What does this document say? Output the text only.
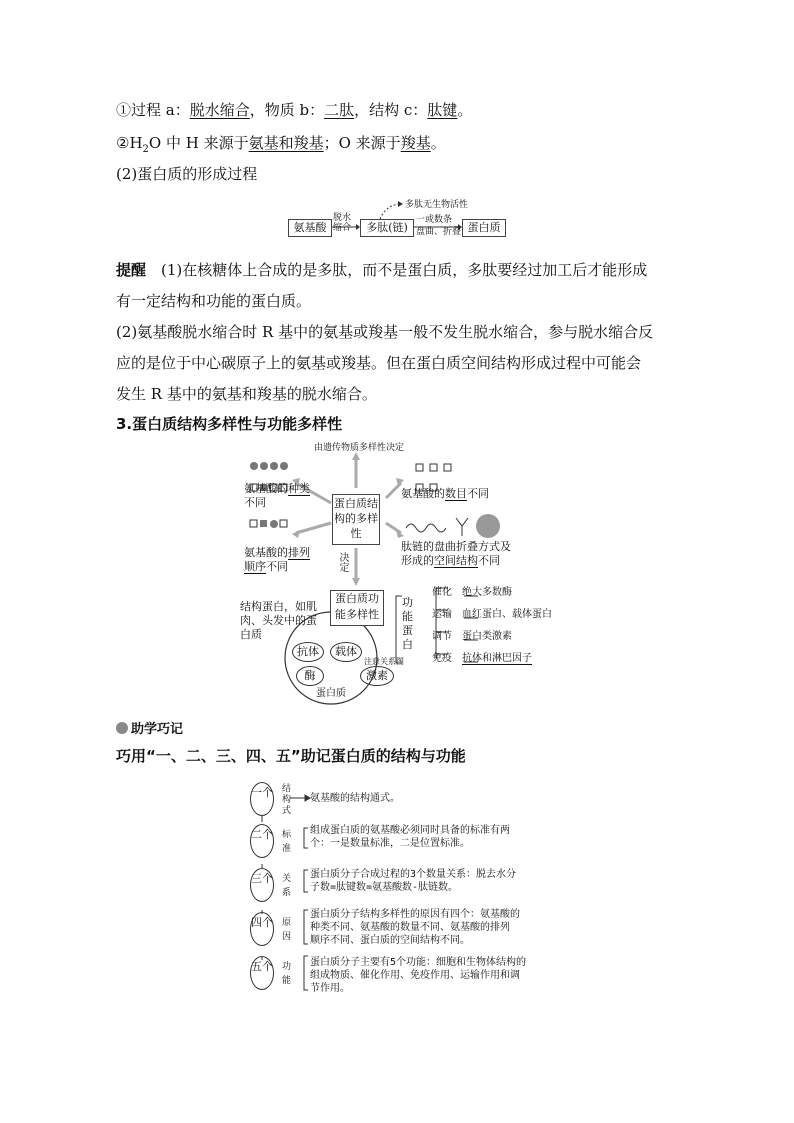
①过程 a：脱水缩合，物质 b：二肽，结构 c：肽键。
$②H_2O$ 中 H 来源于氨基和羧基；O 来源于羧基。
(2)蛋白质的形成过程
氨基酸
脱水
缩合	多肽(链)
多肽无生物活性
一或数条
盘曲、折叠 蛋白质
提醒　(1)在核糖体上合成的是多肽，而不是蛋白质，多肽要经过加工后才能形成
有一定结构和功能的蛋白质。
(2)氨基酸脱水缩合时 R 基中的氨基或羧基一般不发生脱水缩合，参与脱水缩合反
应的是位于中心碳原子上的氨基或羧基。但在蛋白质空间结构形成过程中可能会
发生 R 基中的氨基和羧基的脱水缩合。
3.蛋白质结构多样性与功能多样性
由遗传物质多样性决定
蛋白质结构的多样性
氨基酸的种类
不同
氨基酸的数目不同
氨基酸的排列
顺序不同
肽链的盘曲折叠方式及
形成的空间结构不同
决定
蛋白质功能多样性
结构蛋白，如肌肉、头发中的蛋白质
功能蛋白
催化　 绝大多数酶
运输　 血红蛋白、载体蛋白
调节　 蛋白类激素
免疫　 抗体和淋巴因子
抗体	载体
酶	激素
蛋白质
注意关系图
助学巧记
巧用“一、二、三、四、五”助记蛋白质的结构与功能
一个 结构式
氨基酸的结构通式。
二个 标准
组成蛋白质的氨基酸必须同时具备的标准有两
个：一是数量标准，二是位置标准。
三个 关系
蛋白质分子合成过程的3个数量关系：脱去水分
子数=肽键数=氨基酸数-肽链数。
四个 原因
蛋白质分子结构多样性的原因有四个：氨基酸的
种类不同、氨基酸的数量不同、氨基酸的排列
顺序不同、蛋白质的空间结构不同。
五个 功能
蛋白质分子主要有5个功能：细胞和生物体结构的
组成物质、催化作用、免疫作用、运输作用和调
节作用。
